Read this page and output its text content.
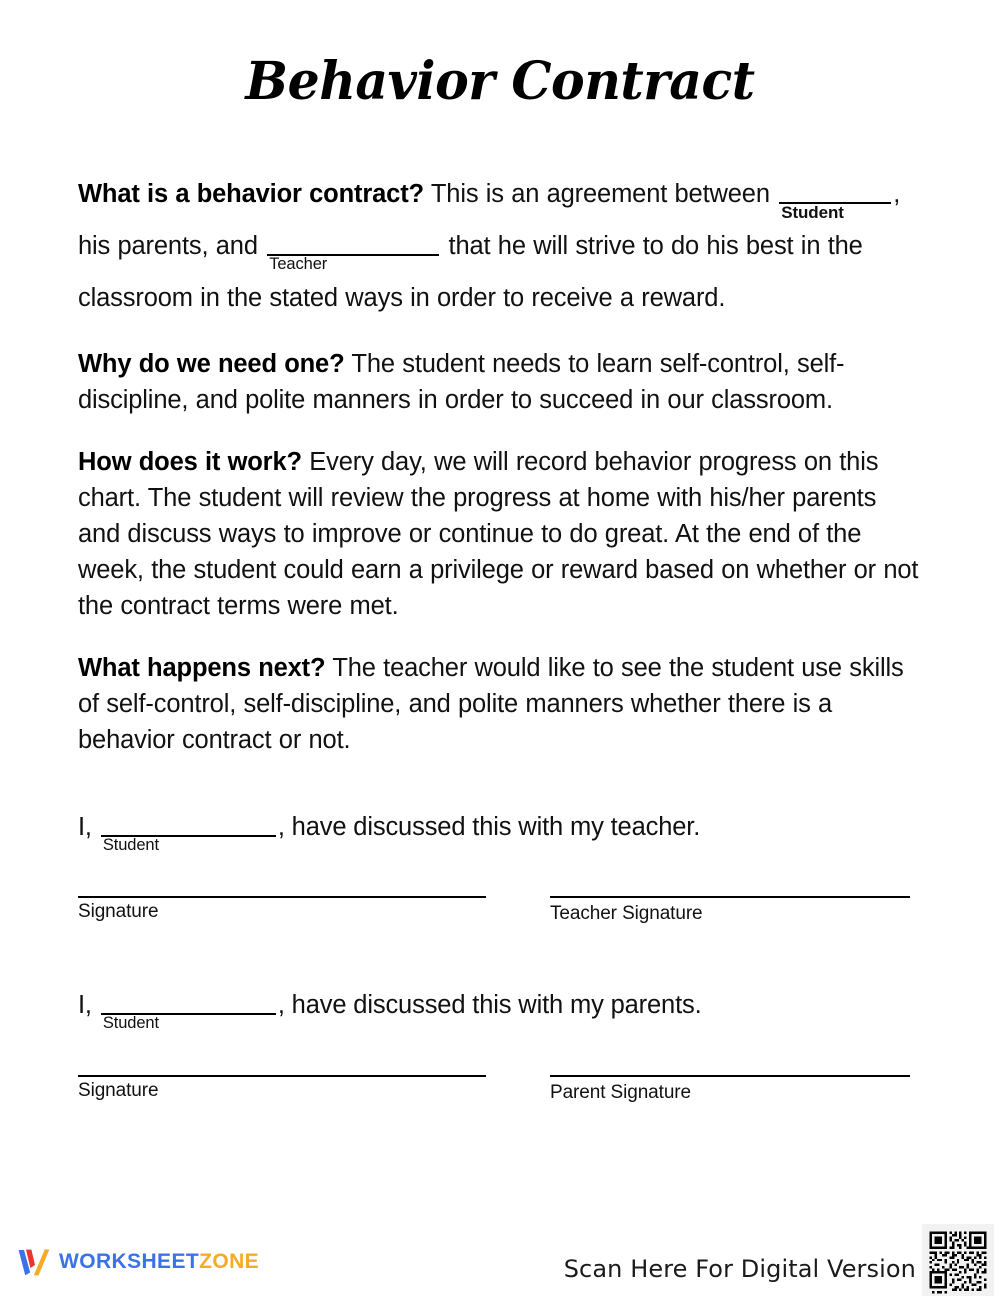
Behavior Contract

What is a behavior contract? This is an agreement between
Student
, his parents, and
Teacher
that he will strive to do his best in the classroom in the stated ways in order to receive a reward.

Why do we need one? The student needs to learn self-control, self-discipline, and polite manners in order to succeed in our classroom.

How does it work? Every day, we will record behavior progress on this chart. The student will review the progress at home with his/her parents and discuss ways to improve or continue to do great. At the end of the week, the student could earn a privilege or reward based on whether or not the contract terms were met.

What happens next? The teacher would like to see the student use skills of self-control, self-discipline, and polite manners whether there is a behavior contract or not.

I,
Student
, have discussed this with my teacher.
Signature	Teacher Signature
I,
Student
, have discussed this with my parents.
Signature	Parent Signature
WORKSHEETZONE	Scan Here For Digital Version
